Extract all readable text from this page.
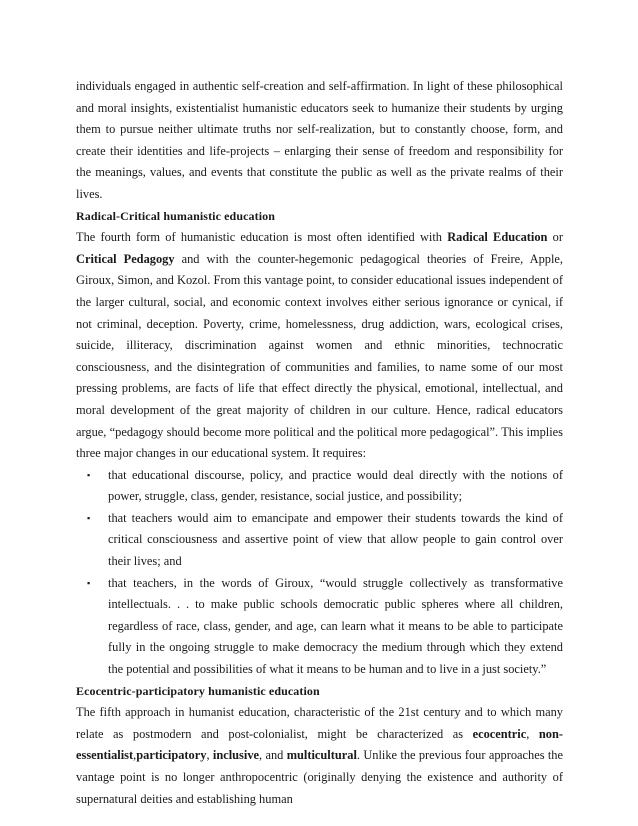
individuals engaged in authentic self-creation and self-affirmation. In light of these philosophical and moral insights, existentialist humanistic educators seek to humanize their students by urging them to pursue neither ultimate truths nor self-realization, but to constantly choose, form, and create their identities and life-projects – enlarging their sense of freedom and responsibility for the meanings, values, and events that constitute the public as well as the private realms of their lives.

Radical-Critical humanistic education

The fourth form of humanistic education is most often identified with Radical Education or Critical Pedagogy and with the counter-hegemonic pedagogical theories of Freire, Apple, Giroux, Simon, and Kozol. From this vantage point, to consider educational issues independent of the larger cultural, social, and economic context involves either serious ignorance or cynical, if not criminal, deception. Poverty, crime, homelessness, drug addiction, wars, ecological crises, suicide, illiteracy, discrimination against women and ethnic minorities, technocratic consciousness, and the disintegration of communities and families, to name some of our most pressing problems, are facts of life that effect directly the physical, emotional, intellectual, and moral development of the great majority of children in our culture. Hence, radical educators argue, “pedagogy should become more political and the political more pedagogical”. This implies three major changes in our educational system. It requires:

▪ that educational discourse, policy, and practice would deal directly with the notions of power, struggle, class, gender, resistance, social justice, and possibility;
▪ that teachers would aim to emancipate and empower their students towards the kind of critical consciousness and assertive point of view that allow people to gain control over their lives; and
▪ that teachers, in the words of Giroux, “would struggle collectively as transformative intellectuals. . . to make public schools democratic public spheres where all children, regardless of race, class, gender, and age, can learn what it means to be able to participate fully in the ongoing struggle to make democracy the medium through which they extend the potential and possibilities of what it means to be human and to live in a just society.”
Ecocentric-participatory humanistic education

The fifth approach in humanist education, characteristic of the 21st century and to which many relate as postmodern and post-colonialist, might be characterized as ecocentric, non-essentialist,participatory, inclusive, and multicultural. Unlike the previous four approaches the vantage point is no longer anthropocentric (originally denying the existence and authority of supernatural deities and establishing human
